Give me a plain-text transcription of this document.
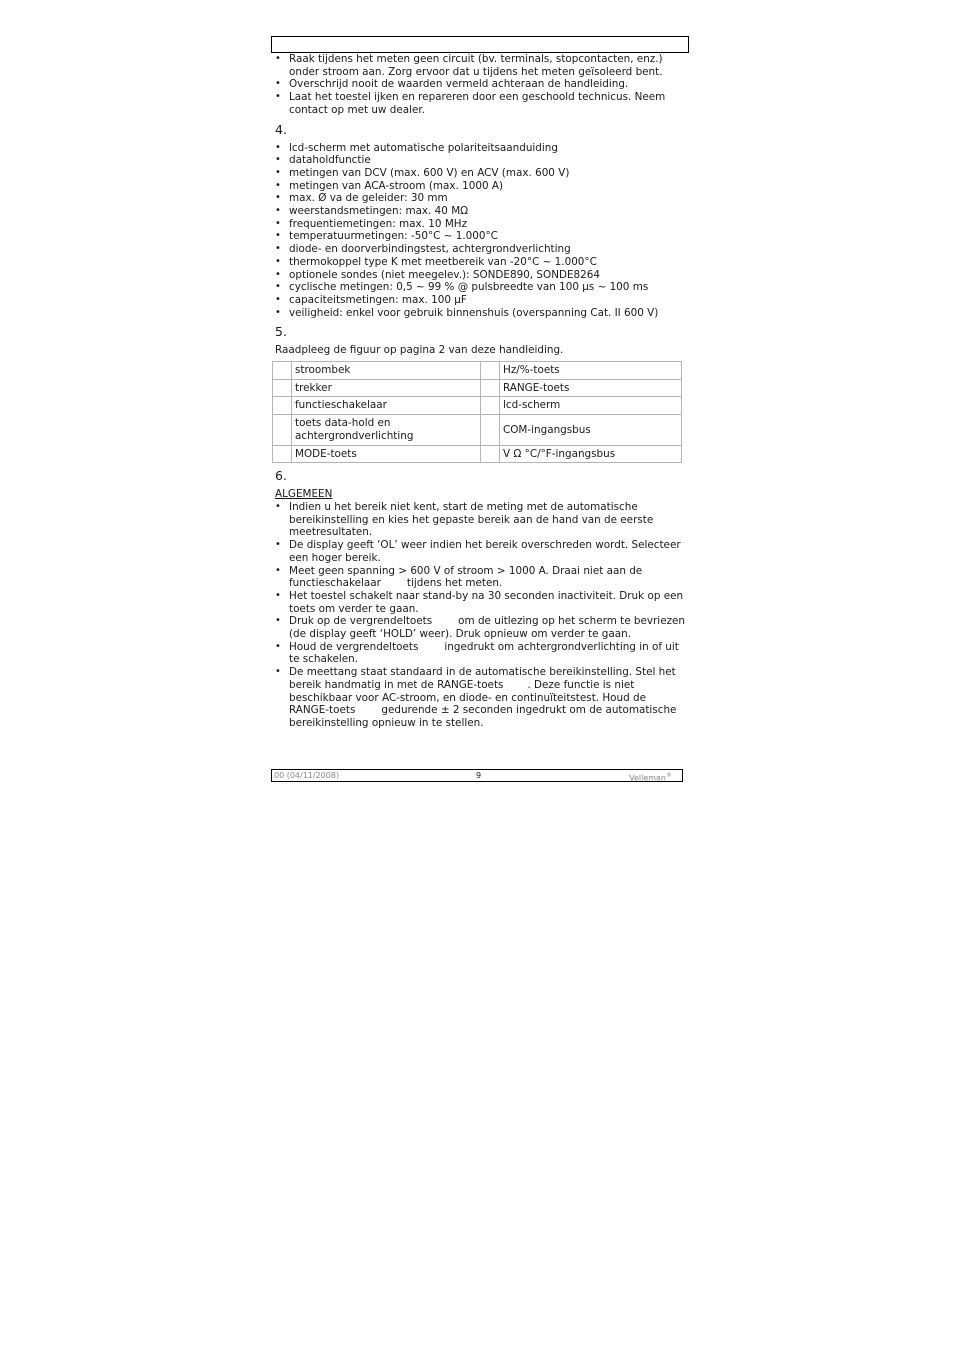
• Raak tijdens het meten geen circuit (bv. terminals, stopcontacten, enz.) onder stroom aan. Zorg ervoor dat u tijdens het meten geïsoleerd bent.
• Overschrijd nooit de waarden vermeld achteraan de handleiding.
• Laat het toestel ijken en repareren door een geschoold technicus. Neem contact op met uw dealer.
4.
• lcd-scherm met automatische polariteitsaanduiding
• dataholdfunctie
• metingen van DCV (max. 600 V) en ACV (max. 600 V)
• metingen van ACA-stroom (max. 1000 A)
• max. Ø va de geleider: 30 mm
• weerstandsmetingen: max. 40 MΩ
• frequentiemetingen: max. 10 MHz
• temperatuurmetingen: -50°C ~ 1.000°C
• diode- en doorverbindingstest, achtergrondverlichting
• thermokoppel type K met meetbereik van -20°C ~ 1.000°C
• optionele sondes (niet meegelev.): SONDE890, SONDE8264
• cyclische metingen: 0,5 ~ 99 % @ pulsbreedte van 100 µs ~ 100 ms
• capaciteitsmetingen: max. 100 µF
• veiligheid: enkel voor gebruik binnenshuis (overspanning Cat. II 600 V)
5.
Raadpleeg de figuur op pagina 2 van deze handleiding.
	stroombek		Hz/%-toets
	trekker		RANGE-toets
	functieschakelaar		lcd-scherm
	toets data-hold en achtergrondverlichting		COM-ingangsbus
	MODE-toets		V Ω °C/°F-ingangsbus
6.
ALGEMEEN
• Indien u het bereik niet kent, start de meting met de automatische bereikinstelling en kies het gepaste bereik aan de hand van de eerste meetresultaten.
• De display geeft ‘OL’ weer indien het bereik overschreden wordt. Selecteer een hoger bereik.
• Meet geen spanning > 600 V of stroom > 1000 A. Draai niet aan de functieschakelaar	tijdens het meten.
• Het toestel schakelt naar stand-by na 30 seconden inactiviteit. Druk op een toets om verder te gaan.
• Druk op de vergrendeltoets	om de uitlezing op het scherm te bevriezen (de display geeft ‘HOLD’ weer). Druk opnieuw om verder te gaan.
• Houd de vergrendeltoets	ingedrukt om achtergrondverlichting in of uit te schakelen.
• De meettang staat standaard in de automatische bereikinstelling. Stel het bereik handmatig in met de RANGE-toets . Deze functie is niet beschikbaar voor AC-stroom, en diode- en continuïteitstest. Houd de RANGE-toets	gedurende ± 2 seconden ingedrukt om de automatische bereikinstelling opnieuw in te stellen.
00 (04/11/2008)	9	Velleman®
